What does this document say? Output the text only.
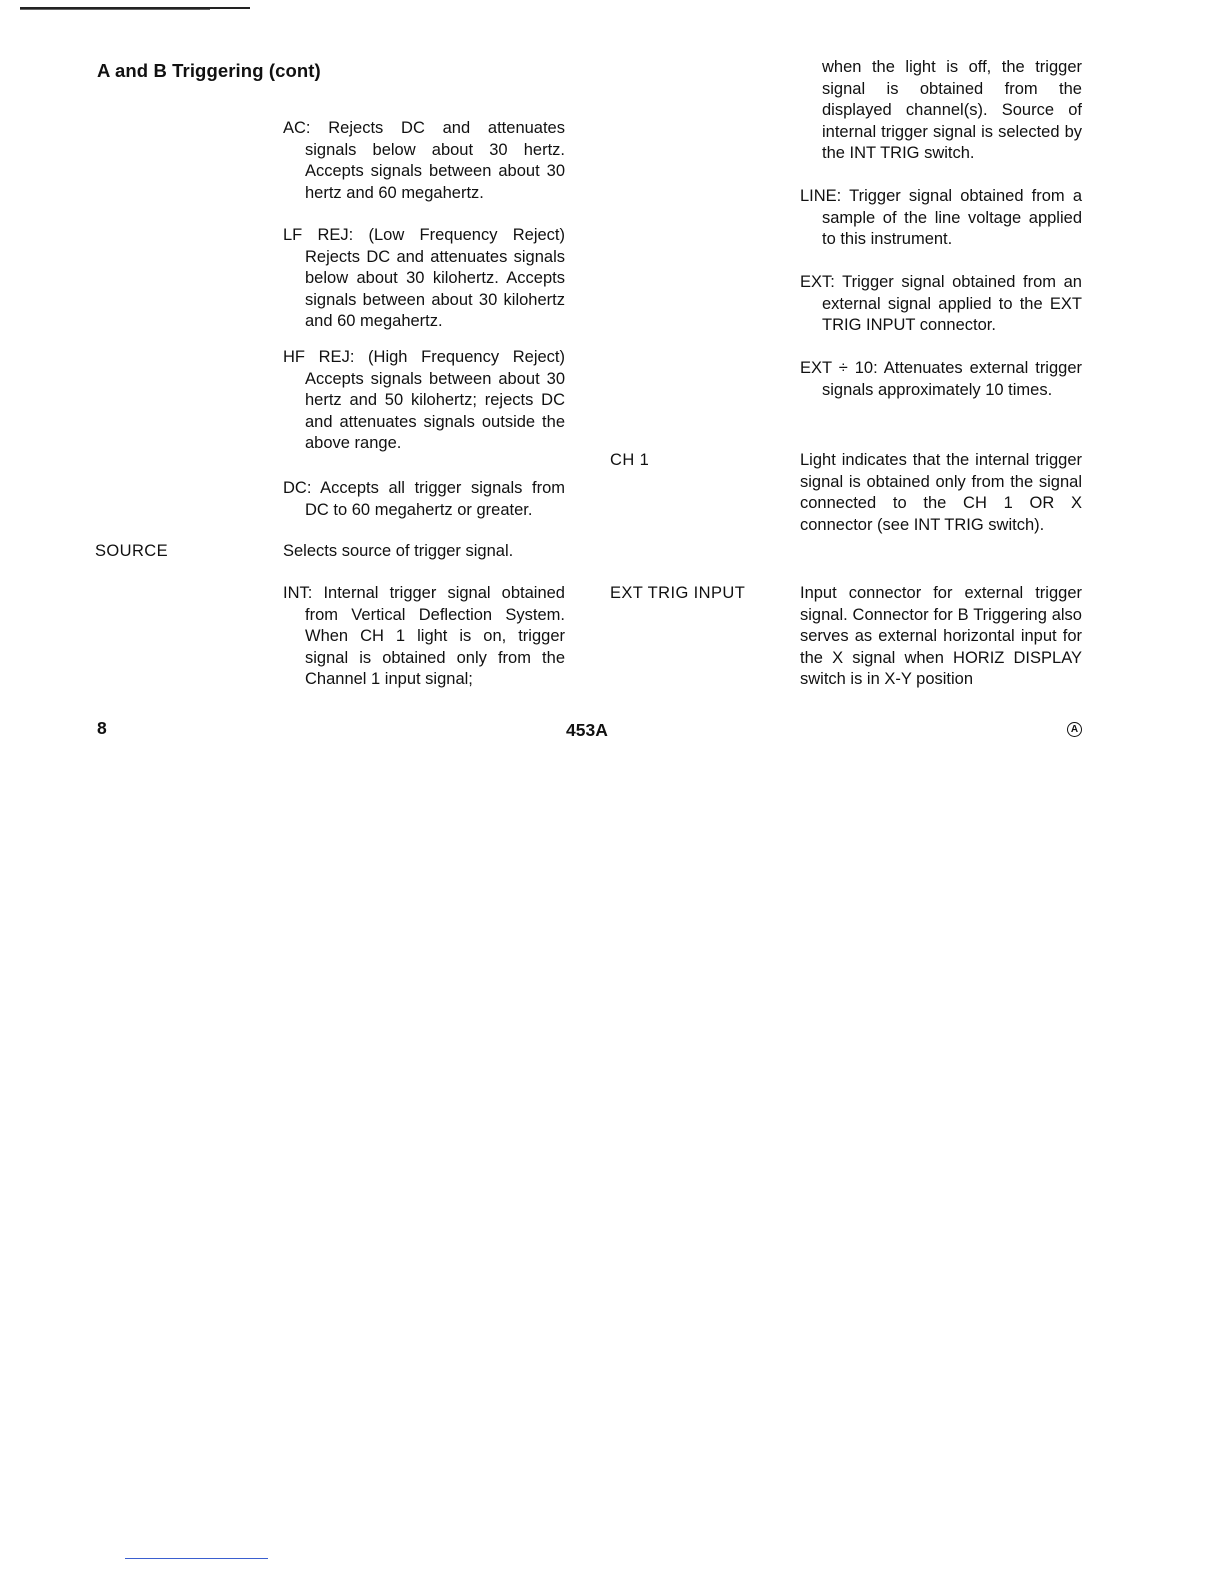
A and B Triggering (cont)

AC: Rejects DC and attenuates signals below about 30 hertz. Accepts signals between about 30 hertz and 60 megahertz.

LF REJ: (Low Frequency Reject) Rejects DC and attenuates signals below about 30 kilohertz. Accepts signals between about 30 kilohertz and 60 megahertz.

HF REJ: (High Frequency Reject) Accepts signals between about 30 hertz and 50 kilohertz; rejects DC and attenuates signals outside the above range.

DC: Accepts all trigger signals from DC to 60 megahertz or greater.

SOURCE	Selects source of trigger signal.

INT: Internal trigger signal obtained from Vertical Deflection System. When CH 1 light is on, trigger signal is obtained only from the Channel 1 input signal;

when the light is off, the trigger signal is obtained from the displayed channel(s). Source of internal trigger signal is selected by the INT TRIG switch.

LINE: Trigger signal obtained from a sample of the line voltage applied to this instrument.

EXT: Trigger signal obtained from an external signal applied to the EXT TRIG INPUT connector.

EXT ÷ 10: Attenuates external trigger signals approximately 10 times.

CH 1	Light indicates that the internal trigger signal is obtained only from the signal connected to the CH 1 OR X connector (see INT TRIG switch).

EXT TRIG INPUT	Input connector for external trigger signal. Connector for B Triggering also serves as external horizontal input for the X signal when HORIZ DISPLAY switch is in X-Y position

8	453A	A
